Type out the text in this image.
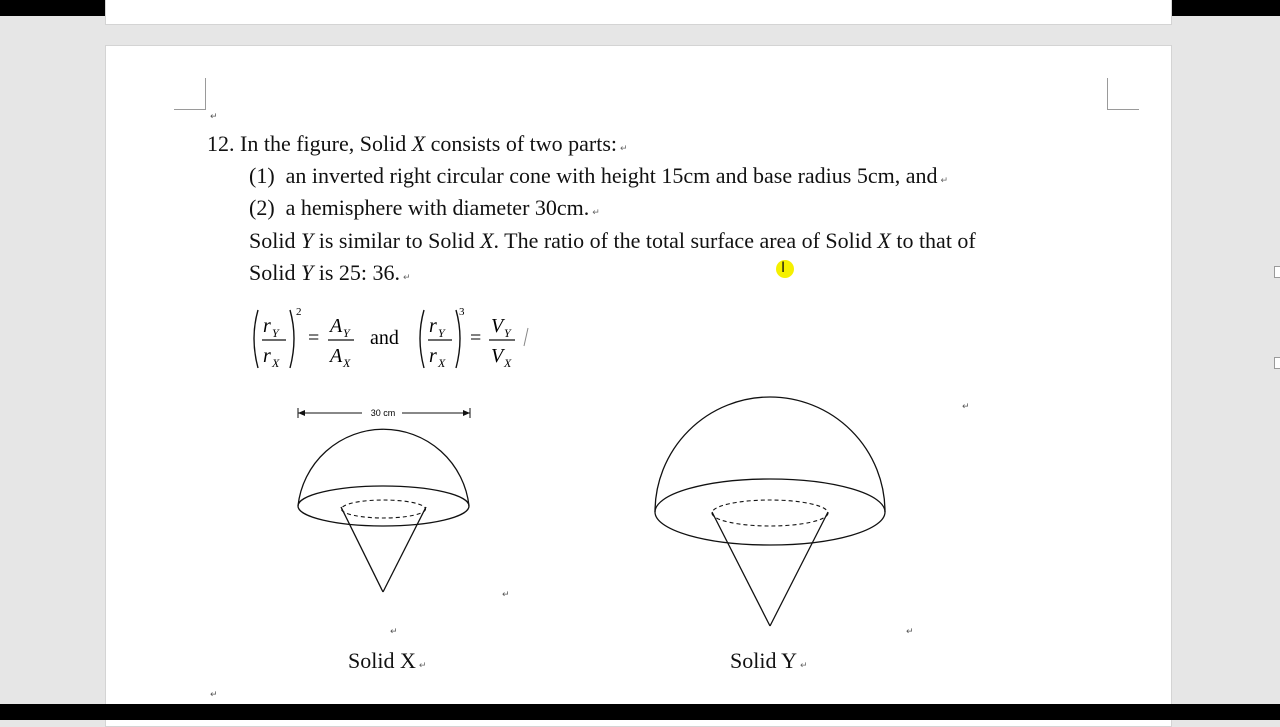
↵
12. In the figure, Solid X consists of two parts: ↵
(1) an inverted right circular cone with height 15cm and base radius 5cm, and ↵
(2) a hemisphere with diameter 30cm. ↵
Solid Y is similar to Solid X. The ratio of the total surface area of Solid X to that of
Solid Y is 25: 36. ↵
I
r Y
r X
2
=
A Y
A X
and
r Y
r X
3
=
V Y
V X
30 cm
↵
↵
↵	↵
Solid X ↵	Solid Y ↵
↵
